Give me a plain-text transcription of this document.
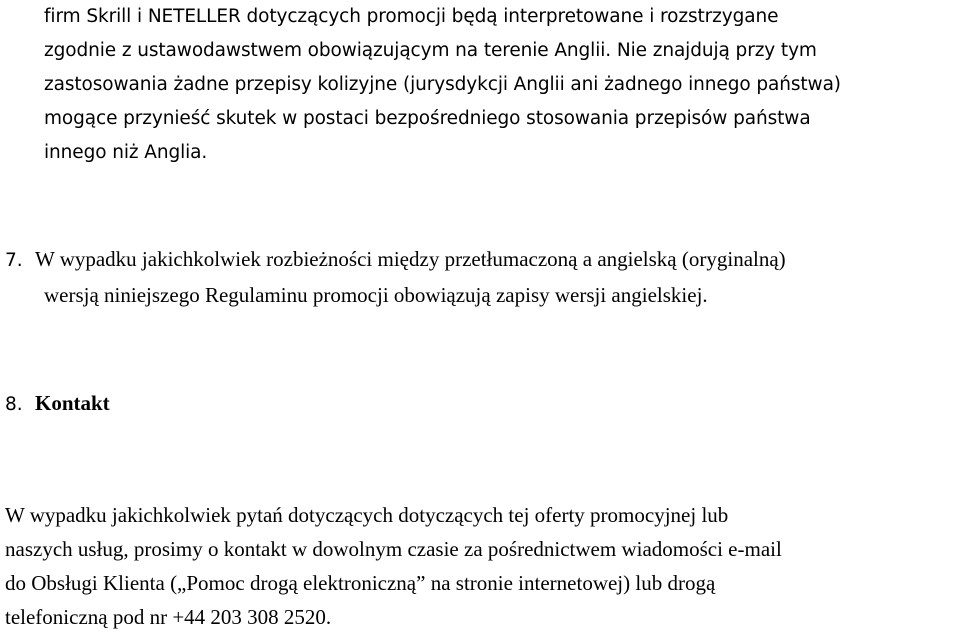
firm Skrill i NETELLER dotyczących promocji będą interpretowane i rozstrzygane
zgodnie z ustawodawstwem obowiązującym na terenie Anglii. Nie znajdują przy tym
zastosowania żadne przepisy kolizyjne (jurysdykcji Anglii ani żadnego innego państwa)
mogące przynieść skutek w postaci bezpośredniego stosowania przepisów państwa
innego niż Anglia.
7. W wypadku jakichkolwiek rozbieżności między przetłumaczoną a angielską (oryginalną)
wersją niniejszego Regulaminu promocji obowiązują zapisy wersji angielskiej.
8. Kontakt
W wypadku jakichkolwiek pytań dotyczących dotyczących tej oferty promocyjnej lub
naszych usług, prosimy o kontakt w dowolnym czasie za pośrednictwem wiadomości e-mail
do Obsługi Klienta („Pomoc drogą elektroniczną” na stronie internetowej) lub drogą
telefoniczną pod nr +44 203 308 2520.
